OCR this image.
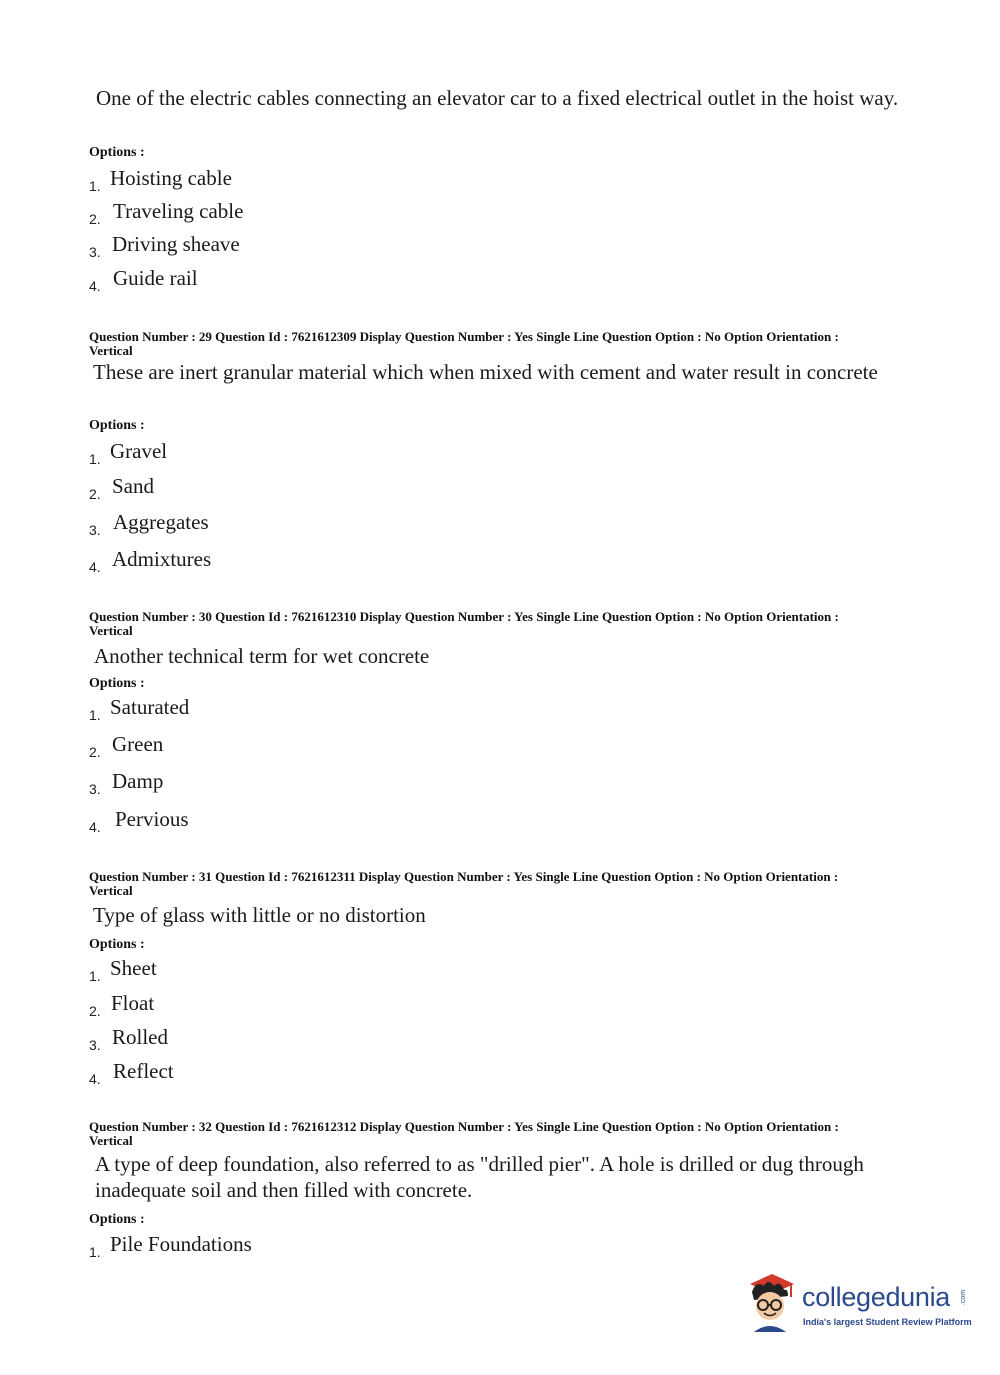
One of the electric cables connecting an elevator car to a fixed electrical outlet in the hoist way.
Options :
1. Hoisting cable
2. Traveling cable
3. Driving sheave
4. Guide rail
Question Number : 29 Question Id : 7621612309 Display Question Number : Yes Single Line Question Option : No Option Orientation : Vertical
These are inert granular material which when mixed with cement and water result in concrete
Options :
1. Gravel
2. Sand
3. Aggregates
4. Admixtures
Question Number : 30 Question Id : 7621612310 Display Question Number : Yes Single Line Question Option : No Option Orientation : Vertical
Another technical term for wet concrete
Options :
1. Saturated
2. Green
3. Damp
4. Pervious
Question Number : 31 Question Id : 7621612311 Display Question Number : Yes Single Line Question Option : No Option Orientation : Vertical
Type of glass with little or no distortion
Options :
1. Sheet
2. Float
3. Rolled
4. Reflect
Question Number : 32 Question Id : 7621612312 Display Question Number : Yes Single Line Question Option : No Option Orientation : Vertical
A type of deep foundation, also referred to as "drilled pier". A hole is drilled or dug through inadequate soil and then filled with concrete.
Options :
1. Pile Foundations
collegedunia .com
India's largest Student Review Platform
